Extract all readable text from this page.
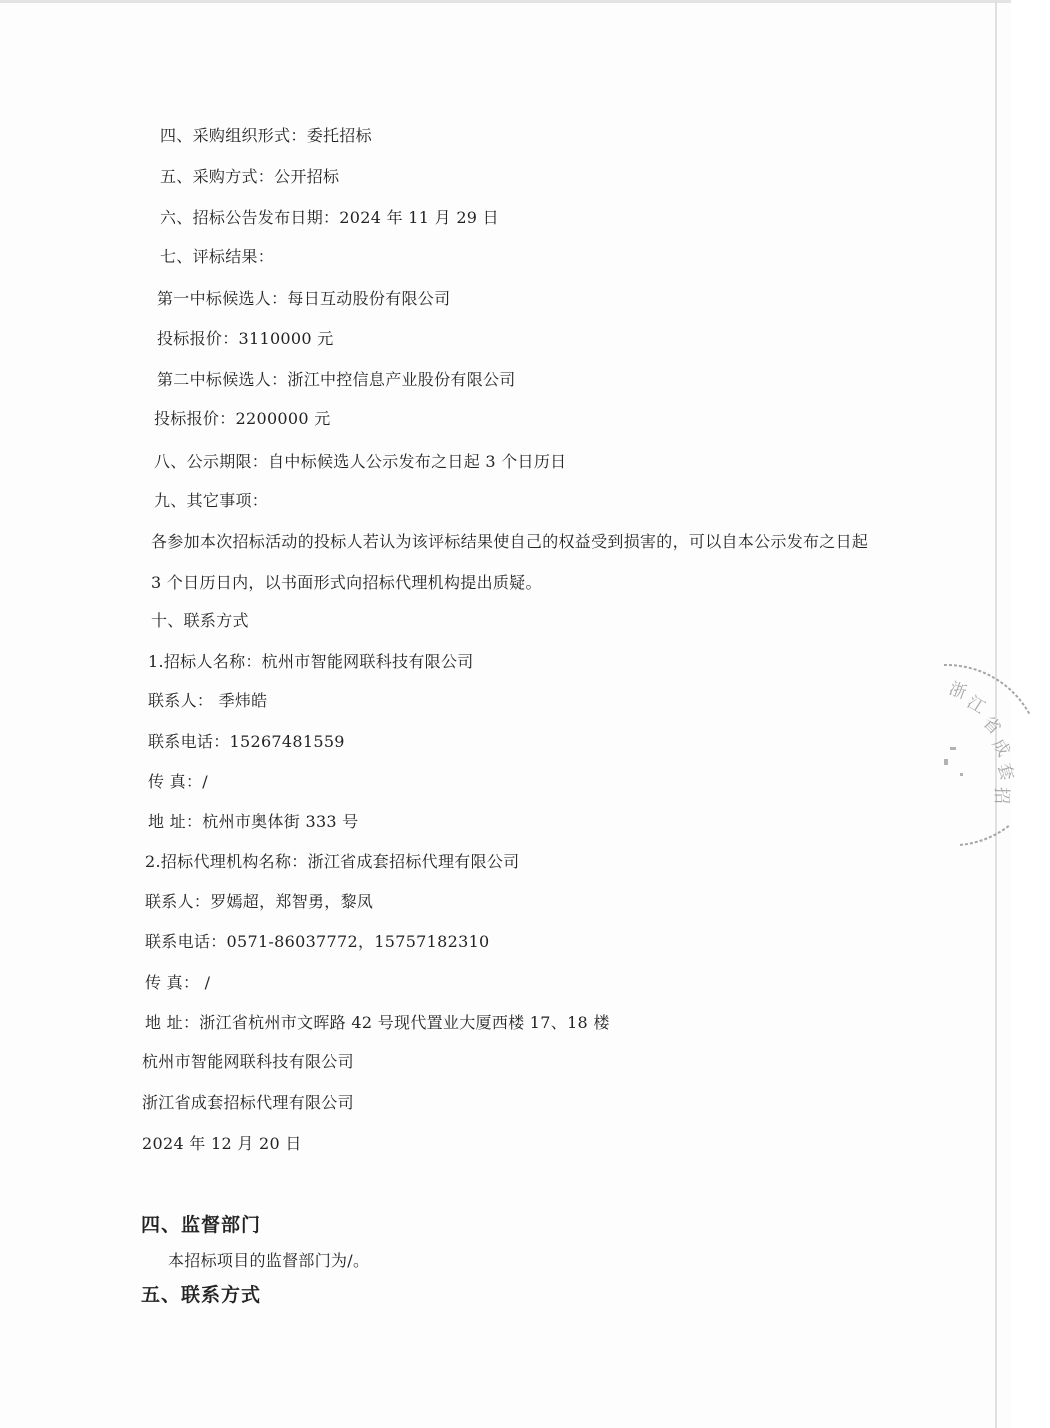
四、采购组织形式：委托招标
五、采购方式：公开招标
六、招标公告发布日期：2024 年 11 月 29 日
七、评标结果：
第一中标候选人：每日互动股份有限公司
投标报价：3110000 元
第二中标候选人：浙江中控信息产业股份有限公司
投标报价：2200000 元
八、公示期限：自中标候选人公示发布之日起 3 个日历日
九、其它事项：
各参加本次招标活动的投标人若认为该评标结果使自己的权益受到损害的，可以自本公示发布之日起 3 个日历日内，以书面形式向招标代理机构提出质疑。
十、联系方式
1.招标人名称：杭州市智能网联科技有限公司
联系人： 季炜皓
联系电话：15267481559
传 真：/
地 址：杭州市奥体街 333 号
2.招标代理机构名称：浙江省成套招标代理有限公司
联系人：罗嫣超，郑智勇，黎凤
联系电话：0571-86037772，15757182310
传 真： /
地 址：浙江省杭州市文晖路 42 号现代置业大厦西楼 17、18 楼
杭州市智能网联科技有限公司
浙江省成套招标代理有限公司
2024 年 12 月 20 日
四、监督部门
本招标项目的监督部门为/。
五、联系方式
浙
江
省
成
套
招
